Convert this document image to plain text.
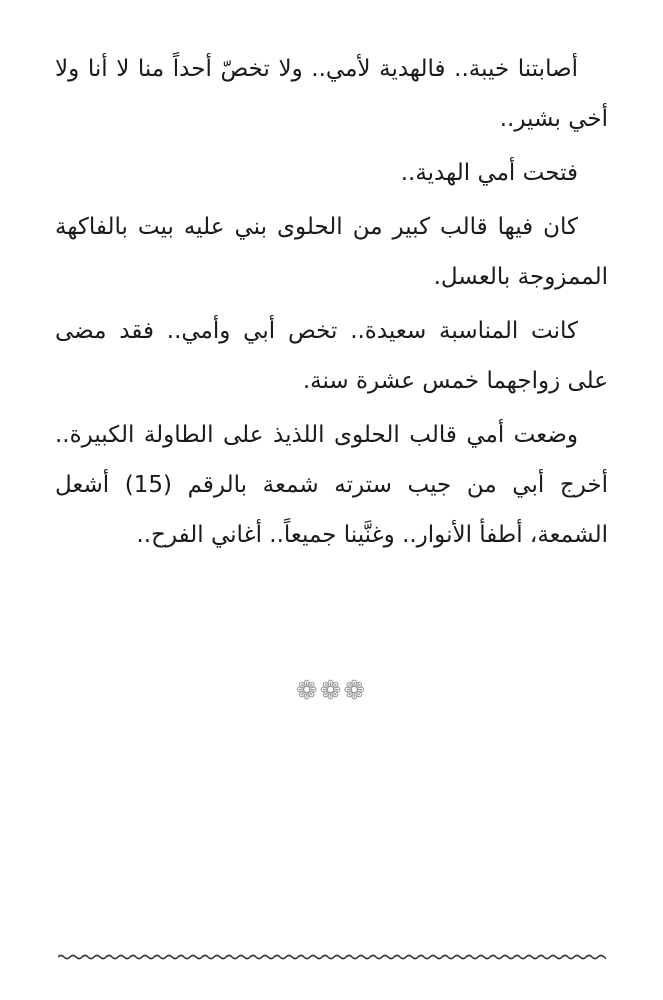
أصابتنا خيبة.. فالهدية لأمي.. ولا تخصّ أحداً منا لا أنا ولا أخي بشير..

فتحت أمي الهدية..

كان فيها قالب كبير من الحلوى بني عليه بيت بالفاكهة الممزوجة بالعسل.

كانت المناسبة سعيدة.. تخص أبي وأمي.. فقد مضى على زواجهما خمس عشرة سنة.

وضعت أمي قالب الحلوى اللذيذ على الطاولة الكبيرة.. أخرج أبي من جيب سترته شمعة بالرقم (15) أشعل الشمعة، أطفأ الأنوار.. وغنَّينا جميعاً.. أغاني الفرح..

❁❁❁
